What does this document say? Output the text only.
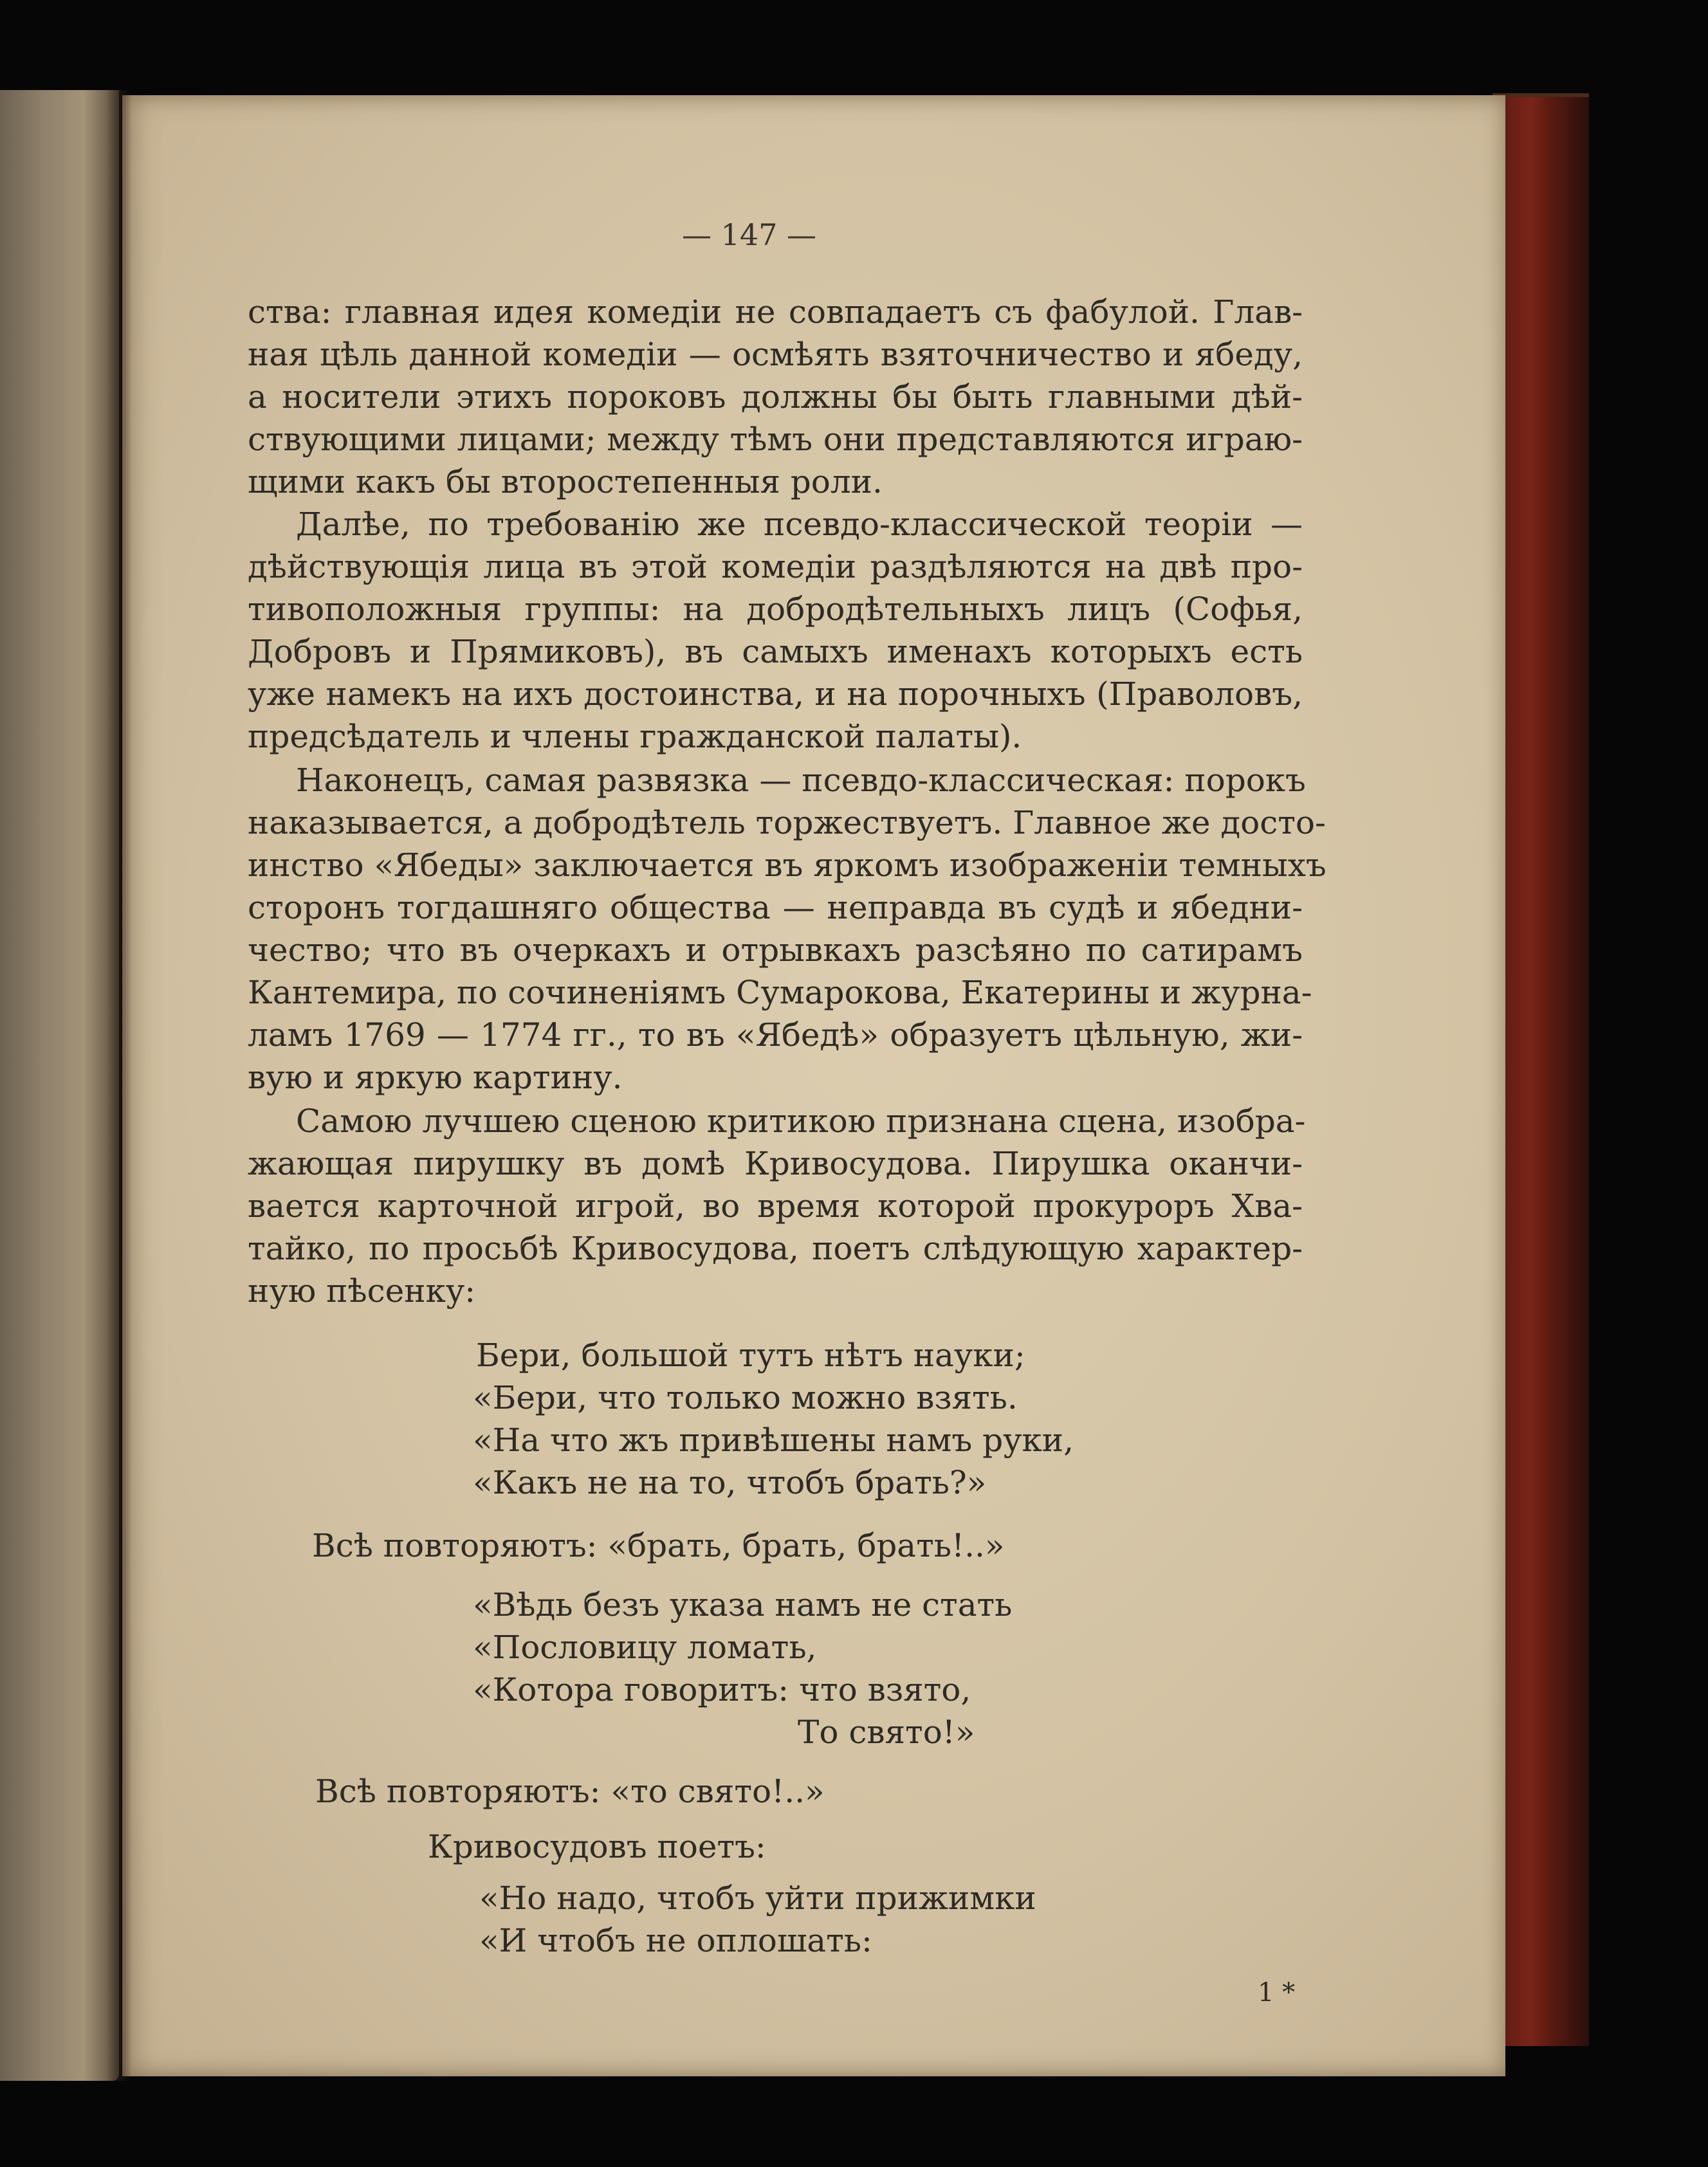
— 147 —

ства: главная идея комедіи не совпадаетъ съ фабулой. Глав-

ная цѣль данной комедіи — осмѣять взяточничество и ябеду,

а носители этихъ пороковъ должны бы быть главными дѣй-

ствующими лицами; между тѣмъ они представляются играю-

щими какъ бы второстепенныя роли.

Далѣе, по требованію же псевдо-классической теоріи —

дѣйствующія лица въ этой комедіи раздѣляются на двѣ про-

тивоположныя группы: на добродѣтельныхъ лицъ (Софья,

Добровъ и Прямиковъ), въ самыхъ именахъ которыхъ есть

уже намекъ на ихъ достоинства, и на порочныхъ (Праволовъ,

предсѣдатель и члены гражданской палаты).

Наконецъ, самая развязка — псевдо-классическая: порокъ

наказывается, а добродѣтель торжествуетъ. Главное же досто-

инство «Ябеды» заключается въ яркомъ изображеніи темныхъ

сторонъ тогдашняго общества — неправда въ судѣ и ябедни-

чество; что въ очеркахъ и отрывкахъ разсѣяно по сатирамъ

Кантемира, по сочиненіямъ Сумарокова, Екатерины и журна-

ламъ 1769 — 1774 гг., то въ «Ябедѣ» образуетъ цѣльную, жи-

вую и яркую картину.

Самою лучшею сценою критикою признана сцена, изобра-

жающая пирушку въ домѣ Кривосудова. Пирушка оканчи-

вается карточной игрой, во время которой прокуроръ Хва-

тайко, по просьбѣ Кривосудова, поетъ слѣдующую характер-

ную пѣсенку:

Бери, большой тутъ нѣтъ науки;

«Бери, что только можно взять.

«На что жъ привѣшены намъ руки,

«Какъ не на то, чтобъ брать?»

Всѣ повторяютъ: «брать, брать, брать!..»

«Вѣдь безъ указа намъ не стать

«Пословицу ломать,

«Котора говоритъ: что взято,

То свято!»

Всѣ повторяютъ: «то свято!..»

Кривосудовъ поетъ:

«Но надо, чтобъ уйти прижимки

«И чтобъ не оплошать:

1 *
